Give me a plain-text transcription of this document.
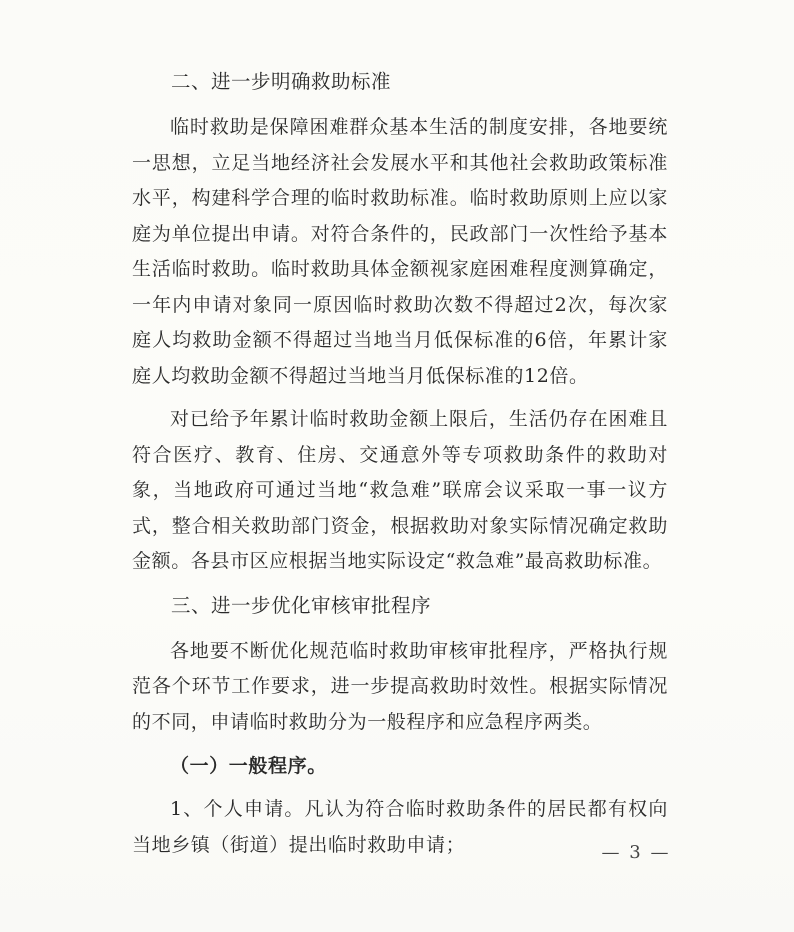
二、进一步明确救助标准

临时救助是保障困难群众基本生活的制度安排，各地要统一思想，立足当地经济社会发展水平和其他社会救助政策标准水平，构建科学合理的临时救助标准。临时救助原则上应以家庭为单位提出申请。对符合条件的，民政部门一次性给予基本生活临时救助。临时救助具体金额视家庭困难程度测算确定，一年内申请对象同一原因临时救助次数不得超过2次，每次家庭人均救助金额不得超过当地当月低保标准的6倍，年累计家庭人均救助金额不得超过当地当月低保标准的12倍。

对已给予年累计临时救助金额上限后，生活仍存在困难且符合医疗、教育、住房、交通意外等专项救助条件的救助对象，当地政府可通过当地“救急难”联席会议采取一事一议方式，整合相关救助部门资金，根据救助对象实际情况确定救助金额。各县市区应根据当地实际设定“救急难”最高救助标准。

三、进一步优化审核审批程序

各地要不断优化规范临时救助审核审批程序，严格执行规范各个环节工作要求，进一步提高救助时效性。根据实际情况的不同，申请临时救助分为一般程序和应急程序两类。

（一）一般程序。

1、个人申请。凡认为符合临时救助条件的居民都有权向当地乡镇（街道）提出临时救助申请；	— 3 —
